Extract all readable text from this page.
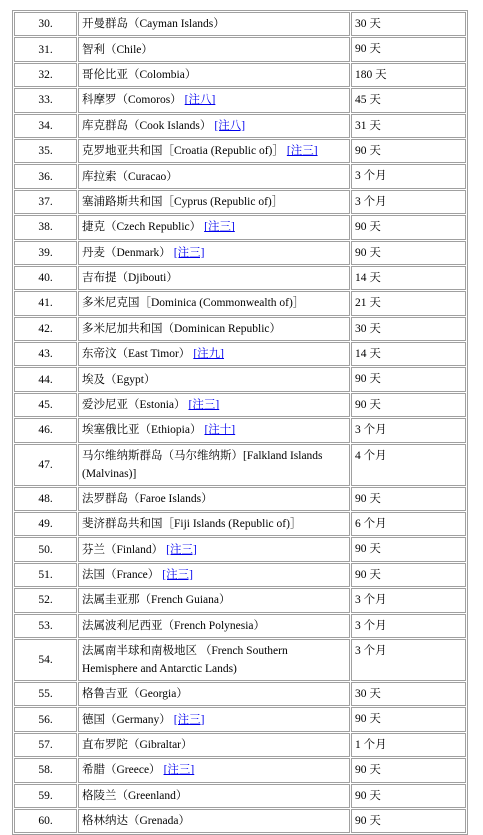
30.	开曼群岛（Cayman Islands）	30 天
31.	智利（Chile）	90 天
32.	哥伦比亚（Colombia）	180 天
33.	科摩罗（Comoros） [注八]	45 天
34.	库克群岛（Cook Islands） [注八]	31 天
35.	克罗地亚共和国［Croatia (Republic of)］ [注三]	90 天
36.	库拉索（Curacao）	3 个月
37.	塞浦路斯共和国［Cyprus (Republic of)］	3 个月
38.	捷克（Czech Republic） [注三]	90 天
39.	丹麦（Denmark） [注三]	90 天
40.	吉布提（Djibouti）	14 天
41.	多米尼克国［Dominica (Commonwealth of)］	21 天
42.	多米尼加共和国（Dominican Republic）	30 天
43.	东帝汶（East Timor） [注九]	14 天
44.	埃及（Egypt）	90 天
45.	爱沙尼亚（Estonia） [注三]	90 天
46.	埃塞俄比亚（Ethiopia） [注十]	3 个月
47.	马尔维纳斯群岛（马尔维纳斯）[Falkland Islands (Malvinas)]	4 个月
48.	法罗群岛（Faroe Islands）	90 天
49.	斐济群岛共和国［Fiji Islands (Republic of)］	6 个月
50.	芬兰（Finland） [注三]	90 天
51.	法国（France） [注三]	90 天
52.	法属圭亚那（French Guiana）	3 个月
53.	法属波利尼西亚（French Polynesia）	3 个月
54.	法属南半球和南极地区 （French Southern Hemisphere and Antarctic Lands)	3 个月
55.	格鲁吉亚（Georgia）	30 天
56.	德国（Germany） [注三]	90 天
57.	直布罗陀（Gibraltar）	1 个月
58.	希腊（Greece） [注三]	90 天
59.	格陵兰（Greenland）	90 天
60.	格林纳达（Grenada）	90 天
